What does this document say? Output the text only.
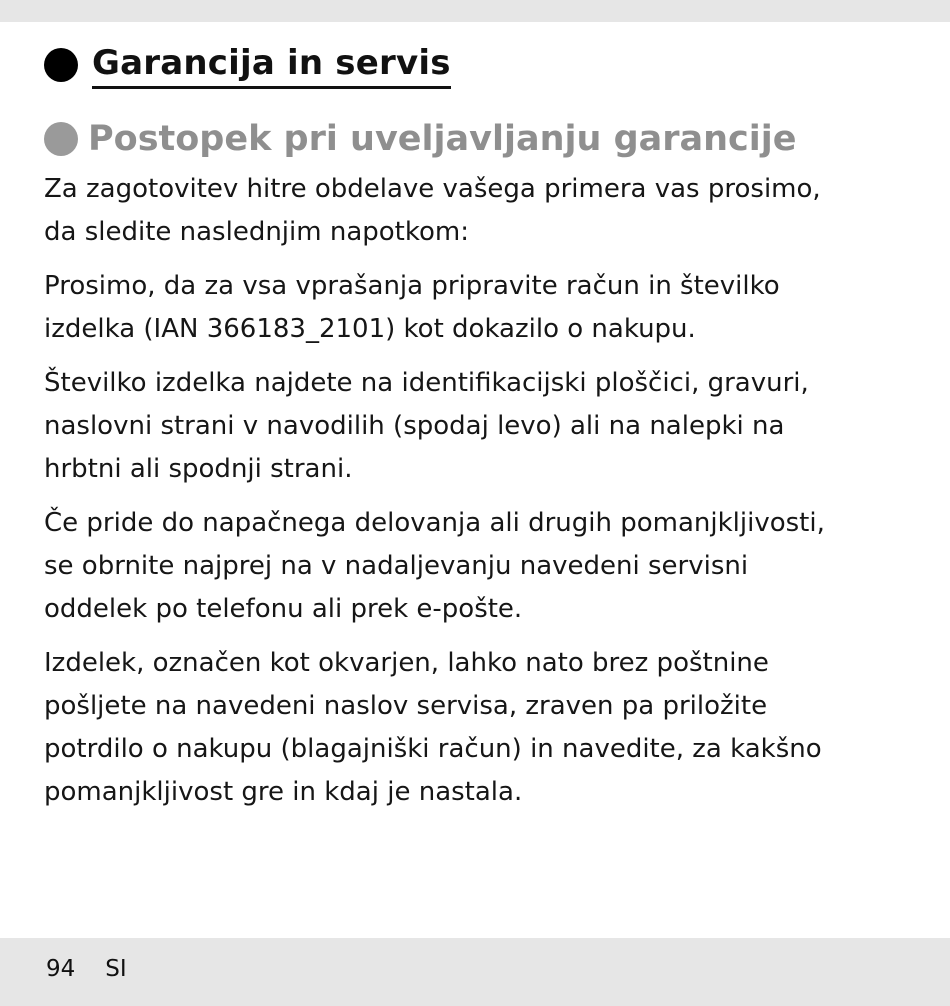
Garancija in servis
Postopek pri uveljavljanju garancije

Za zagotovitev hitre obdelave vašega primera vas prosimo,
da sledite naslednjim napotkom:

Prosimo, da za vsa vprašanja pripravite račun in številko
izdelka (IAN 366183_2101) kot dokazilo o nakupu.

Številko izdelka najdete na identifikacijski ploščici, gravuri,
naslovni strani v navodilih (spodaj levo) ali na nalepki na
hrbtni ali spodnji strani.

Če pride do napačnega delovanja ali drugih pomanjkljivosti,
se obrnite najprej na v nadaljevanju navedeni servisni
oddelek po telefonu ali prek e-pošte.

Izdelek, označen kot okvarjen, lahko nato brez poštnine
pošljete na navedeni naslov servisa, zraven pa priložite
potrdilo o nakupu (blagajniški račun) in navedite, za kakšno
pomanjkljivost gre in kdaj je nastala.

94 SI
